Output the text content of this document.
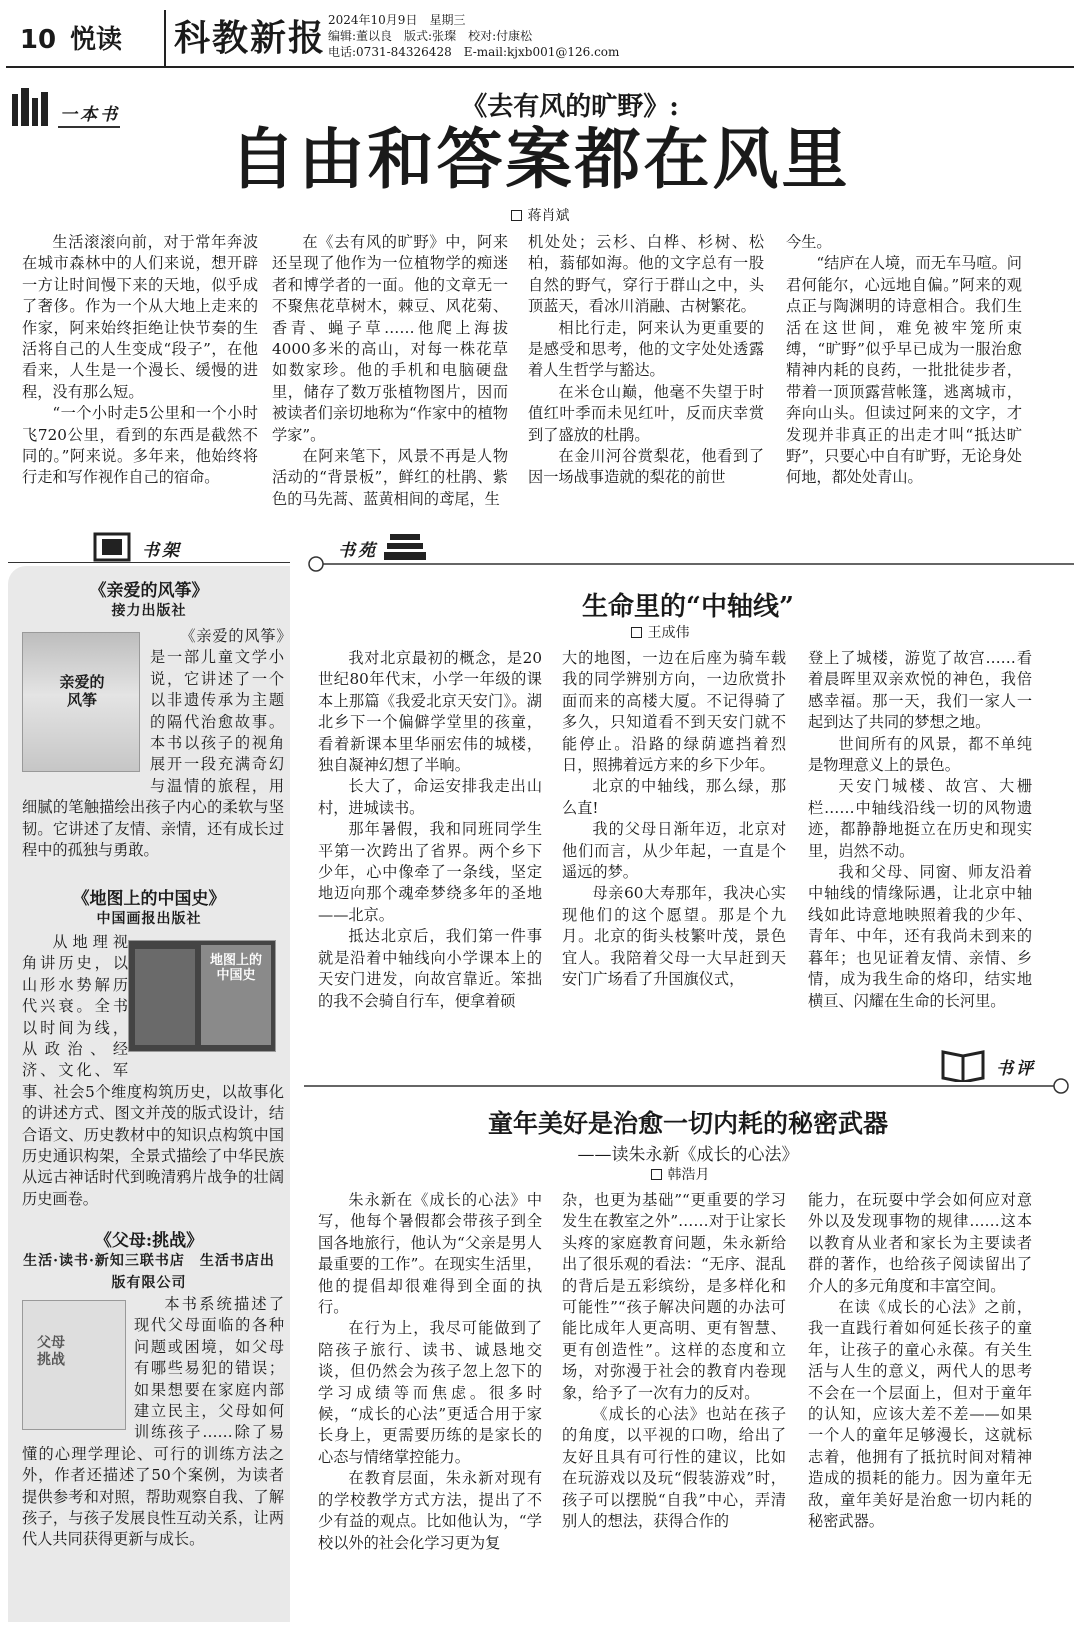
10 悦读 科教新报 2024年10月9日　星期三
编辑:董以良　版式:张璨　校对:付康松
电话:0731-84326428　E-mail:kjxb001@126.com
一本书	《去有风的旷野》:
自由和答案都在风里
蒋肖斌

生活滚滚向前，对于常年奔波在城市森林中的人们来说，想开辟一方让时间慢下来的天地，似乎成了奢侈。作为一个从大地上走来的作家，阿来始终拒绝让快节奏的生活将自己的人生变成“段子”，在他看来，人生是一个漫长、缓慢的进程，没有那么短。

“一个小时走5公里和一个小时飞720公里，看到的东西是截然不同的。”阿来说。多年来，他始终将行走和写作视作自己的宿命。

在《去有风的旷野》中，阿来还呈现了他作为一位植物学的痴迷者和博学者的一面。他的文章无一不聚焦花草树木，棘豆、风花菊、香青、蝇子草……他爬上海拔4000多米的高山，对每一株花草如数家珍。他的手机和电脑硬盘里，储存了数万张植物图片，因而被读者们亲切地称为“作家中的植物学家”。

在阿来笔下，风景不再是人物活动的“背景板”，鲜红的杜鹃、紫色的马先蒿、蓝黄相间的鸢尾，生

机处处；云杉、白桦、杉树、松柏，蓊郁如海。他的文字总有一股自然的野气，穿行于群山之中，头顶蓝天，看冰川消融、古树繁花。

相比行走，阿来认为更重要的是感受和思考，他的文字处处透露着人生哲学与豁达。

在米仓山巅，他毫不失望于时值红叶季而未见红叶，反而庆幸赏到了盛放的杜鹃。

在金川河谷赏梨花，他看到了因一场战事造就的梨花的前世

今生。

“结庐在人境，而无车马喧。问君何能尔，心远地自偏。”阿来的观点正与陶渊明的诗意相合。我们生活在这世间，难免被牢笼所束缚，“旷野”似乎早已成为一服治愈精神内耗的良药，一批批徒步者，带着一顶顶露营帐篷，逃离城市，奔向山头。但读过阿来的文字，才发现并非真正的出走才叫“抵达旷野”，只要心中自有旷野，无论身处何地，都处处青山。

书架
《亲爱的风筝》
接力出版社
亲爱的风筝

《亲爱的风筝》是一部儿童文学小说，它讲述了一个以非遗传承为主题的隔代治愈故事。本书以孩子的视角展开一段充满奇幻与温情的旅程，用细腻的笔触描绘出孩子内心的柔软与坚韧。它讲述了友情、亲情，还有成长过程中的孤独与勇敢。

《地图上的中国史》
中国画报出版社
地图上的中国史

从地理视角讲历史，以山形水势解历代兴衰。全书以时间为线，从政治、经济、文化、军事、社会5个维度构筑历史，以故事化的讲述方式、图文并茂的版式设计，结合语文、历史教材中的知识点构筑中国历史通识构架，全景式描绘了中华民族从远古神话时代到晚清鸦片战争的壮阔历史画卷。

《父母:挑战》
生活·读书·新知三联书店　生活书店出版有限公司
父母挑战

本书系统描述了现代父母面临的各种问题或困境，如父母有哪些易犯的错误；如果想要在家庭内部建立民主，父母如何训练孩子……除了易懂的心理学理论、可行的训练方法之外，作者还描述了50个案例，为读者提供参考和对照，帮助观察自我、了解孩子，与孩子发展良性互动关系，让两代人共同获得更新与成长。

书苑
生命里的“中轴线”
王成伟

我对北京最初的概念，是20世纪80年代末，小学一年级的课本上那篇《我爱北京天安门》。湖北乡下一个偏僻学堂里的孩童，看着新课本里华丽宏伟的城楼，独自凝神幻想了半晌。

长大了，命运安排我走出山村，进城读书。

那年暑假，我和同班同学生平第一次跨出了省界。两个乡下少年，心中像牵了一条线，坚定地迈向那个魂牵梦绕多年的圣地——北京。

抵达北京后，我们第一件事就是沿着中轴线向小学课本上的天安门进发，向故宫靠近。笨拙的我不会骑自行车，便拿着硕

大的地图，一边在后座为骑车载我的同学辨别方向，一边欣赏扑面而来的高楼大厦。不记得骑了多久，只知道看不到天安门就不能停止。沿路的绿荫遮挡着烈日，照拂着远方来的乡下少年。

北京的中轴线，那么绿，那么直!

我的父母日渐年迈，北京对他们而言，从少年起，一直是个遥远的梦。

母亲60大寿那年，我决心实现他们的这个愿望。那是个九月。北京的街头枝繁叶茂，景色宜人。我陪着父母一大早赶到天安门广场看了升国旗仪式，

登上了城楼，游览了故宫……看着晨晖里双亲欢悦的神色，我倍感幸福。那一天，我们一家人一起到达了共同的梦想之地。

世间所有的风景，都不单纯是物理意义上的景色。

天安门城楼、故宫、大栅栏……中轴线沿线一切的风物遗迹，都静静地挺立在历史和现实里，岿然不动。

我和父母、同窗、师友沿着中轴线的情缘际遇，让北京中轴线如此诗意地映照着我的少年、青年、中年，还有我尚未到来的暮年；也见证着友情、亲情、乡情，成为我生命的烙印，结实地横亘、闪耀在生命的长河里。

书评
童年美好是治愈一切内耗的秘密武器
——读朱永新《成长的心法》
韩浩月

朱永新在《成长的心法》中写，他每个暑假都会带孩子到全国各地旅行，他认为“父亲是男人最重要的工作”。在现实生活里，他的提倡却很难得到全面的执行。

在行为上，我尽可能做到了陪孩子旅行、读书、诚恳地交谈，但仍然会为孩子忽上忽下的学习成绩等而焦虑。很多时候，“成长的心法”更适合用于家长身上，更需要历练的是家长的心态与情绪掌控能力。

在教育层面，朱永新对现有的学校教学方式方法，提出了不少有益的观点。比如他认为，“学校以外的社会化学习更为复

杂，也更为基础”“更重要的学习发生在教室之外”……对于让家长头疼的家庭教育问题，朱永新给出了很乐观的看法：“无序、混乱的背后是五彩缤纷，是多样化和可能性”“孩子解决问题的办法可能比成年人更高明、更有智慧、更有创造性”。这样的态度和立场，对弥漫于社会的教育内卷现象，给予了一次有力的反对。

《成长的心法》也站在孩子的角度，以平视的口吻，给出了友好且具有可行性的建议，比如在玩游戏以及玩“假装游戏”时，孩子可以摆脱“自我”中心，弄清别人的想法，获得合作的

能力，在玩耍中学会如何应对意外以及发现事物的规律……这本以教育从业者和家长为主要读者群的著作，也给孩子阅读留出了介人的多元角度和丰富空间。

在读《成长的心法》之前，我一直践行着如何延长孩子的童年，让孩子的童心永葆。有关生活与人生的意义，两代人的思考不会在一个层面上，但对于童年的认知，应该大差不差——如果一个人的童年足够漫长，这就标志着，他拥有了抵抗时间对精神造成的损耗的能力。因为童年无敌，童年美好是治愈一切内耗的秘密武器。
